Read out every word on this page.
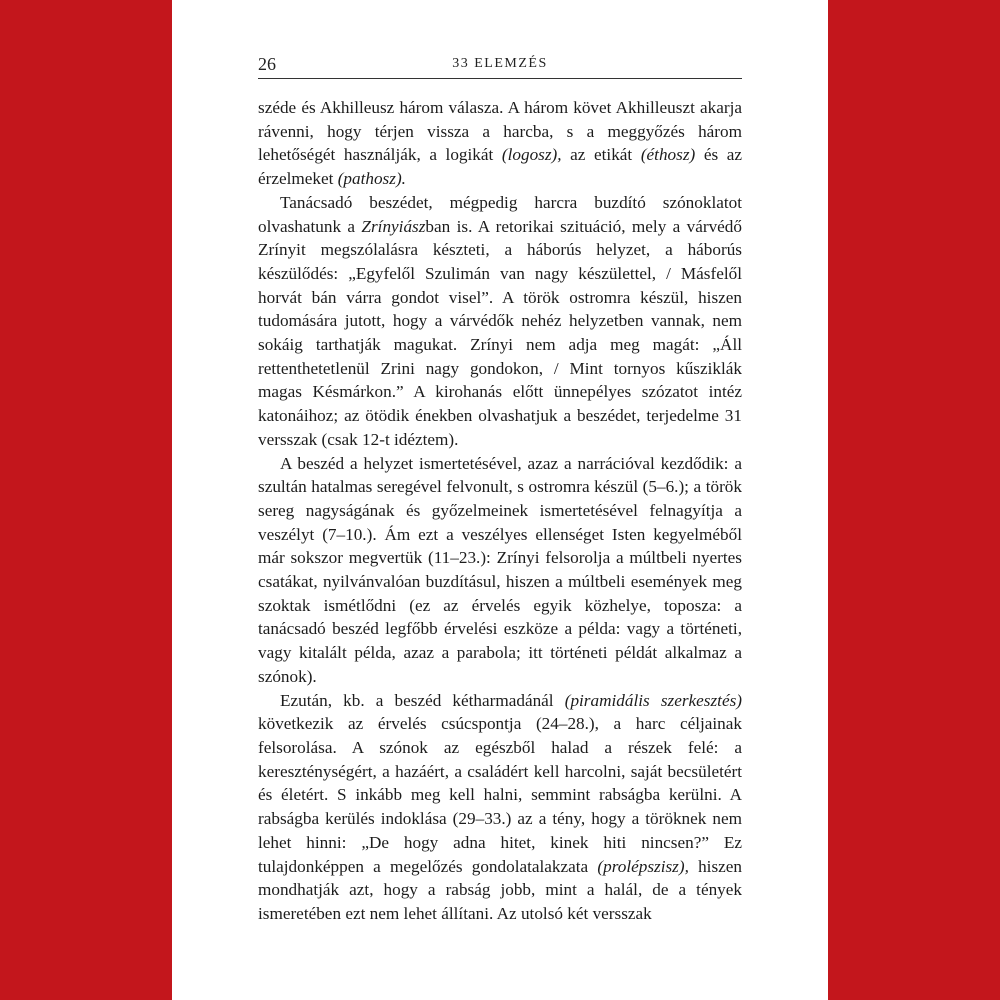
26	33 ELEMZÉS

széde és Akhilleusz három válasza. A három követ Akhilleuszt akarja rávenni, hogy térjen vissza a harcba, s a meggyőzés három lehetőségét használják, a logikát (logosz), az etikát (éthosz) és az érzelmeket (pathosz).

Tanácsadó beszédet, mégpedig harcra buzdító szónoklatot olvashatunk a Zrínyiászban is. A retorikai szituáció, mely a várvédő Zrínyit megszólalásra készteti, a háborús helyzet, a háborús készülődés: „Egyfelől Szulimán van nagy készülettel, / Másfelől horvát bán várra gondot visel”. A török ostromra készül, hiszen tudomására jutott, hogy a várvédők nehéz helyzetben vannak, nem sokáig tarthatják magukat. Zrínyi nem adja meg magát: „Áll rettenthetetlenül Zrini nagy gondokon, / Mint tornyos kűsziklák magas Késmárkon.” A kirohanás előtt ünnepélyes szózatot intéz katonáihoz; az ötödik énekben olvashatjuk a beszédet, terjedelme 31 versszak (csak 12-t idéztem).

A beszéd a helyzet ismertetésével, azaz a narrációval kezdődik: a szultán hatalmas seregével felvonult, s ostromra készül (5–6.); a török sereg nagyságának és győzelmeinek ismertetésével felnagyítja a veszélyt (7–10.). Ám ezt a veszélyes ellenséget Isten kegyelméből már sokszor megvertük (11–23.): Zrínyi felsorolja a múltbeli nyertes csatákat, nyilvánvalóan buzdításul, hiszen a múltbeli események meg szoktak ismétlődni (ez az érvelés egyik közhelye, toposza: a tanácsadó beszéd legfőbb érvelési eszköze a példa: vagy a történeti, vagy kitalált példa, azaz a parabola; itt történeti példát alkalmaz a szónok).

Ezután, kb. a beszéd kétharmadánál (piramidális szerkesztés) következik az érvelés csúcspontja (24–28.), a harc céljainak felsorolása. A szónok az egészből halad a részek felé: a kereszténységért, a hazáért, a családért kell harcolni, saját becsületért és életért. S inkább meg kell halni, semmint rabságba kerülni. A rabságba kerülés indoklása (29–33.) az a tény, hogy a töröknek nem lehet hinni: „De hogy adna hitet, kinek hiti nincsen?” Ez tulajdonképpen a megelőzés gondolatalakzata (prolépszisz), hiszen mondhatják azt, hogy a rabság jobb, mint a halál, de a tények ismeretében ezt nem lehet állítani. Az utolsó két versszak
